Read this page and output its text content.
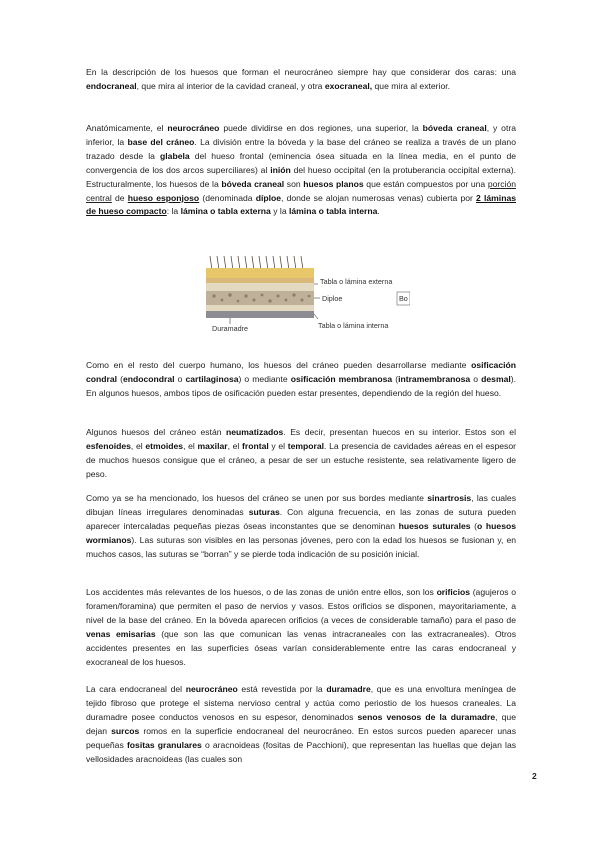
En la descripción de los huesos que forman el neurocráneo siempre hay que considerar dos caras: una endocraneal, que mira al interior de la cavidad craneal, y otra exocraneal, que mira al exterior.

Anatómicamente, el neurocráneo puede dividirse en dos regiones, una superior, la bóveda craneal, y otra inferior, la base del cráneo. La división entre la bóveda y la base del cráneo se realiza a través de un plano trazado desde la glabela del hueso frontal (eminencia ósea situada en la línea media, en el punto de convergencia de los dos arcos superciliares) al inión del hueso occipital (en la protuberancia occipital externa). Estructuralmente, los huesos de la bóveda craneal son huesos planos que están compuestos por una porción central de hueso esponjoso (denominada díploe, donde se alojan numerosas venas) cubierta por 2 láminas de hueso compacto: la lámina o tabla externa y la lámina o tabla interna.

Tabla o lámina externa
Diploe	Bo
Duramadre	Tabla o lámina interna

Como en el resto del cuerpo humano, los huesos del cráneo pueden desarrollarse mediante osificación condral (endocondral o cartilaginosa) o mediante osificación membranosa (intramembranosa o desmal). En algunos huesos, ambos tipos de osificación pueden estar presentes, dependiendo de la región del hueso.

Algunos huesos del cráneo están neumatizados. Es decir, presentan huecos en su interior. Estos son el esfenoides, el etmoides, el maxilar, el frontal y el temporal. La presencia de cavidades aéreas en el espesor de muchos huesos consigue que el cráneo, a pesar de ser un estuche resistente, sea relativamente ligero de peso.

Como ya se ha mencionado, los huesos del cráneo se unen por sus bordes mediante sinartrosis, las cuales dibujan líneas irregulares denominadas suturas. Con alguna frecuencia, en las zonas de sutura pueden aparecer intercaladas pequeñas piezas óseas inconstantes que se denominan huesos suturales (o huesos wormianos). Las suturas son visibles en las personas jóvenes, pero con la edad los huesos se fusionan y, en muchos casos, las suturas se “borran” y se pierde toda indicación de su posición inicial.

Los accidentes más relevantes de los huesos, o de las zonas de unión entre ellos, son los orificios (agujeros o foramen/foramina) que permiten el paso de nervios y vasos. Estos orificios se disponen, mayoritariamente, a nivel de la base del cráneo. En la bóveda aparecen orificios (a veces de considerable tamaño) para el paso de venas emisarias (que son las que comunican las venas intracraneales con las extracraneales). Otros accidentes presentes en las superficies óseas varían considerablemente entre las caras endocraneal y exocraneal de los huesos.

La cara endocraneal del neurocráneo está revestida por la duramadre, que es una envoltura meníngea de tejido fibroso que protege el sistema nervioso central y actúa como periostio de los huesos craneales. La duramadre posee conductos venosos en su espesor, denominados senos venosos de la duramadre, que dejan surcos romos en la superficie endocraneal del neurocráneo. En estos surcos pueden aparecer unas pequeñas fositas granulares o aracnoideas (fositas de Pacchioni), que representan las huellas que dejan las vellosidades aracnoideas (las cuales son

2
